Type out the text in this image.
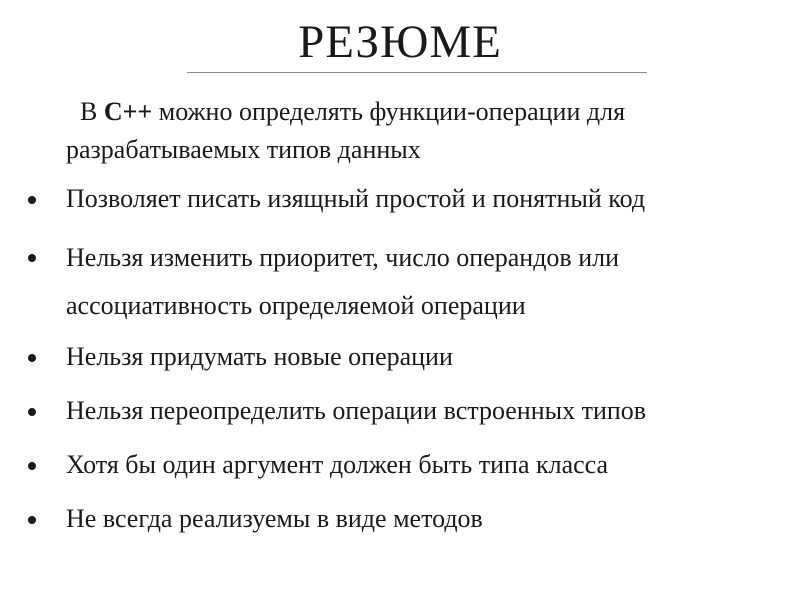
РЕЗЮМЕ

В С++ можно определять функции-операции для разрабатываемых типов данных

Позволяет писать изящный простой и понятный код
Нельзя изменить приоритет, число операндов или ассоциативность определяемой операции
Нельзя придумать новые операции
Нельзя переопределить операции встроенных типов
Хотя бы один аргумент должен быть типа класса
Не всегда реализуемы в виде методов
